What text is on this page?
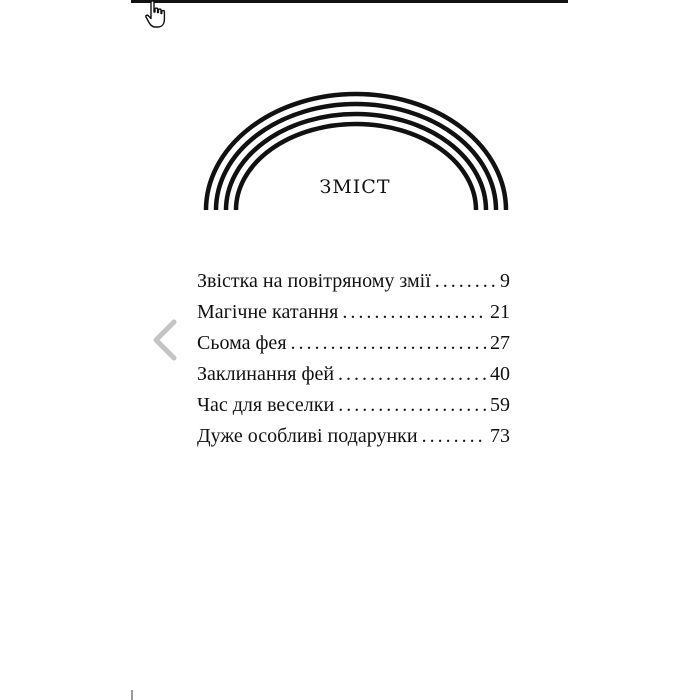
ЗМІСТ
Звістка на повітряному змії . . .	9
Магічне катання . . .	21
Сьома фея . . .	27
Заклинання фей . . .	40
Час для веселки . . .	59
Дуже особливі подарунки . . .	73
